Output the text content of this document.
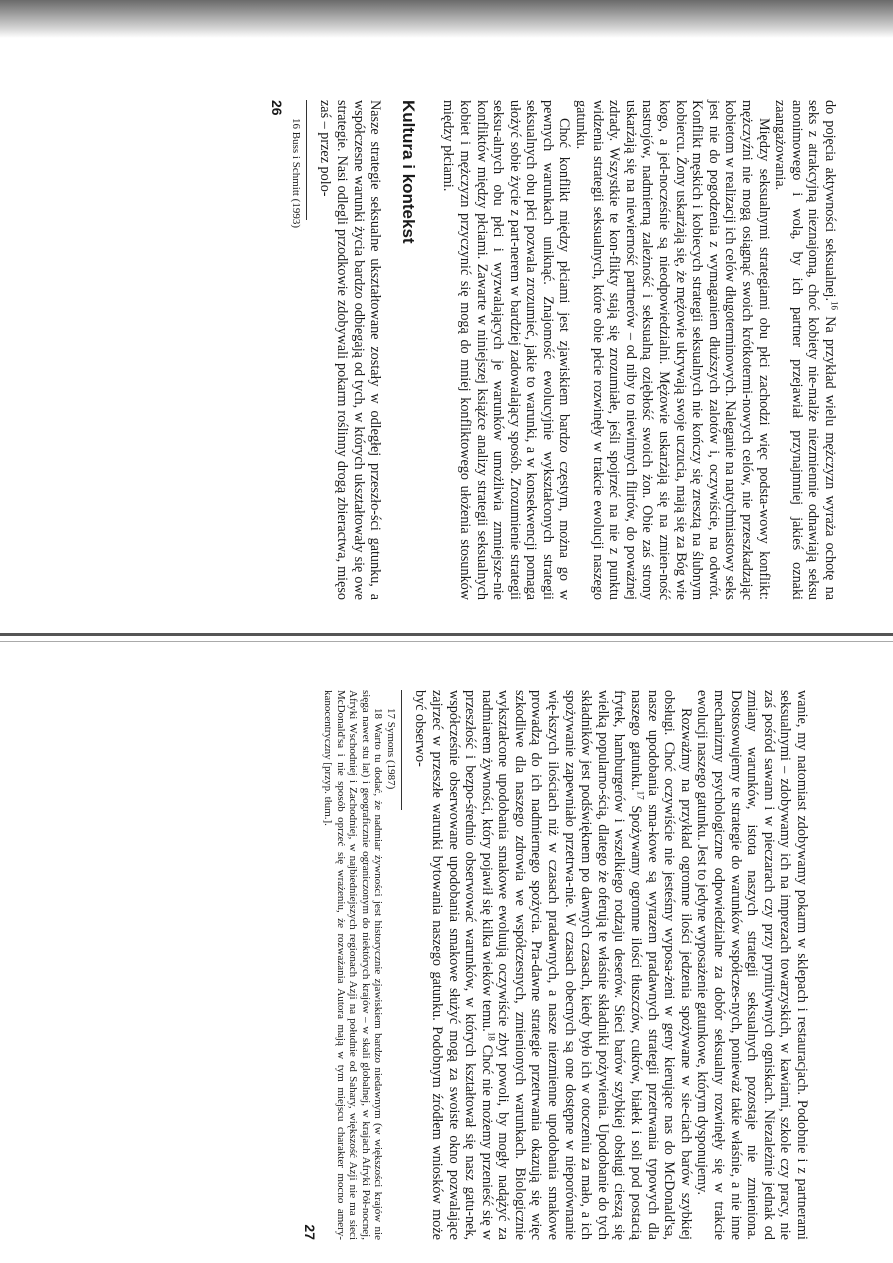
do pojęcia aktywności seksualnej.$^{16}$ Na przykład wielu mężczyzn wyraża ochotę na seks z atrakcyjną nieznajomą, choć kobiety nie-malże niezmiennie odnawiają seksu anonimowego i wolą, by ich partner przejawiał przynajmniej jakieś oznaki zaangażowania.

Między seksualnymi strategiami obu płci zachodzi więc podsta-wowy konflikt: mężczyźni nie mogą osiągnąć swoich krótkotermi-nowych celów, nie przeszkadzając kobietom w realizacji ich celów długoterminowych. Naleganie na natychmiastowy seks jest nie do pogodzenia z wymaganiem dłuższych zalotów i, oczywiście, na odwrót. Konflikt męskich i kobiecych strategii seksualnych nie kończy się zresztą na ślubnym kobiercu. Żony uskarżają się, że mężowie ukrywają swoje uczucia, mają się za Bóg wie kogo, a jed-nocześnie są nieodpowiedzialni. Mężowie uskarżają się na zmien-ność nastrojów, nadmierną zależność i seksualną oziębłość swoich żon. Obie zaś strony uskarżają się na niewierność partnerów – od niby to niewinnych flirtów, do poważnej zdrady. Wszystkie te kon-flikty stają się zrozumiałe, jeśli spojrzeć na nie z punktu widzenia strategii seksualnych, które obie płcie rozwinęły w trakcie ewolucji naszego gatunku.

Choć konflikt między płciami jest zjawiskiem bardzo częstym, można go w pewnych warunkach uniknąć. Znajomość ewolucyjnie wykształconych strategii seksualnych obu płci pozwala zrozumieć, jakie to warunki, a w konsekwencji pomaga ułożyć sobie życie z part-nerem w bardziej zadowalający sposób. Zrozumienie strategii seksu-alnych obu płci i wyzwalających je warunków umożliwia zmniejsze-nie konfliktów między płciami. Zawarte w niniejszej książce analizy strategii seksualnych kobiet i mężczyzn przyczynić się mogą do mniej konfliktowego ułożenia stosunków między płciami.

Kultura i kontekst

Nasze strategie seksualne ukształtowane zostały w odległej przeszło-ści gatunku, a współczesne warunki życia bardzo odbiegają od tych, w których ukształtowały się owe strategie. Nasi odlegli przodkowie zdobywali pokarm roślinny drogą zbieractwa, mięso zaś – przez polo-

16 Buss i Schmitt (1993)

26

wanie, my natomiast zdobywamy pokarm w sklepach i restauracjach. Podobnie i z partnerami seksualnymi – zdobywamy ich na imprezach towarzyskich, w kawiarni, szkole czy pracy, nie zaś pośród sawann i w pieczarach czy przy prymitywnych ogniskach. Niezależnie jednak od zmiany warunków, istota naszych strategii seksualnych pozostaje nie zmieniona. Dostosowujemy te strategie do warunków współczes-nych, ponieważ takie właśnie, a nie inne mechanizmy psychologiczne odpowiedzialne za dobór seksualny rozwinęły się w trakcie ewolucji naszego gatunku. Jest to jedyne wyposażenie gatunkowe, którym dysponujemy.

Rozważmy na przykład ogromne ilości jedzenia spożywane w sie-ciach barów szybkiej obsługi. Choć oczywiście nie jesteśmy wyposa-żeni w geny kierujące nas do McDonald'sa, nasze upodobania sma-kowe są wyrazem pradawnych strategii przetrwania typowych dla naszego gatunku.$^{17}$ Spożywamy ogromne ilości tłuszczów, cukrów, białek i soli pod postacią frytek, hamburgerów i wszelkiego rodzaju deserów. Sieci barów szybkiej obsługi cieszą się wielką popularno-ścią, dlatego że oferują te właśnie składniki pożywienia. Upodobanie do tych składników jest podświęknem po dawnych czasach, kiedy było ich w otoczeniu za mało, a ich spożywanie zapewniało przetrwa-nie. W czasach obecnych są one dostępne w nieporównanie wię-kszych ilościach niż w czasach pradawnych, a nasze niezmienne upodobania smakowe prowadzą do ich nadmiernego spożycia. Pra-dawne strategie przetrwania okazują się więc szkodliwe dla naszego zdrowia we współczesnych, zmienionych warunkach. Biologicznie wykształcone upodobania smakowe ewoluują oczywiście zbyt powoli, by mogły nadążyć za nadmiarem żywności, który pojawił się kilka wieków temu.$^{18}$ Choć nie możemy przenieść się w przeszłość i bezpo-średnio obserwować warunków, w których kształtował się nasz gatu-nek, współcześnie obserwowane upodobania smakowe służyć mogą za swoiste okno pozwalające zajrzeć w przeszłe warunki bytowania naszego gatunku. Podobnym źródłem wniosków może być obserwo-

17 Symons (1987)

18 Warto tu dodać, że nadmiar żywności jest historycznie zjawiskiem bardzo niedawnym (w większości krajów nie sięga nawet stu lat) i geograficznie ograniczonym do niektórych krajów – w skali globalnej, w krajach Afryki Pół-nocnej, Afryki Wschodniej i Zachodniej, w najbiedniejszych regionach Azji na południe od Sahary, większość Azji nie ma sieci McDonald'sa i nie sposób oprzeć się wrażeniu, że rozważania Autora mają w tym miejscu charakter mocno amery-kanocentryczny [przyp. tłum.].

27
